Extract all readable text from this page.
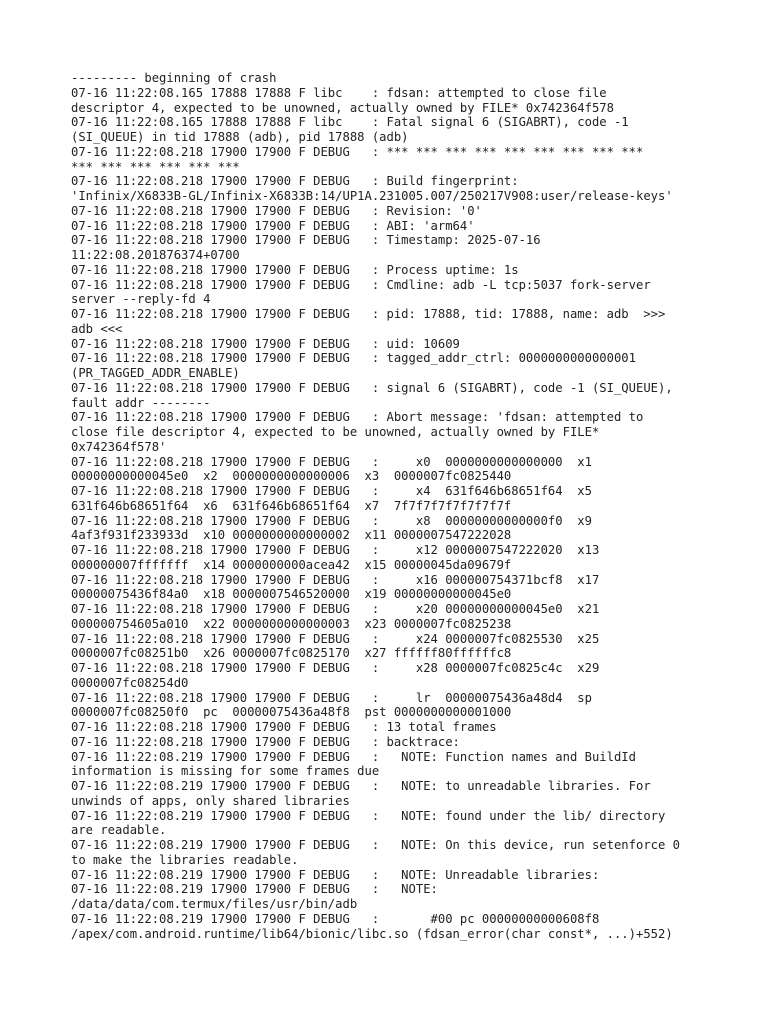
--------- beginning of crash
07-16 11:22:08.165 17888 17888 F libc    : fdsan: attempted to close file
descriptor 4, expected to be unowned, actually owned by FILE* 0x742364f578
07-16 11:22:08.165 17888 17888 F libc    : Fatal signal 6 (SIGABRT), code -1
(SI_QUEUE) in tid 17888 (adb), pid 17888 (adb)
07-16 11:22:08.218 17900 17900 F DEBUG   : *** *** *** *** *** *** *** *** ***
*** *** *** *** *** ***
07-16 11:22:08.218 17900 17900 F DEBUG   : Build fingerprint:
'Infinix/X6833B-GL/Infinix-X6833B:14/UP1A.231005.007/250217V908:user/release-keys'
07-16 11:22:08.218 17900 17900 F DEBUG   : Revision: '0'
07-16 11:22:08.218 17900 17900 F DEBUG   : ABI: 'arm64'
07-16 11:22:08.218 17900 17900 F DEBUG   : Timestamp: 2025-07-16
11:22:08.201876374+0700
07-16 11:22:08.218 17900 17900 F DEBUG   : Process uptime: 1s
07-16 11:22:08.218 17900 17900 F DEBUG   : Cmdline: adb -L tcp:5037 fork-server
server --reply-fd 4
07-16 11:22:08.218 17900 17900 F DEBUG   : pid: 17888, tid: 17888, name: adb  >>>
adb <<<
07-16 11:22:08.218 17900 17900 F DEBUG   : uid: 10609
07-16 11:22:08.218 17900 17900 F DEBUG   : tagged_addr_ctrl: 0000000000000001
(PR_TAGGED_ADDR_ENABLE)
07-16 11:22:08.218 17900 17900 F DEBUG   : signal 6 (SIGABRT), code -1 (SI_QUEUE),
fault addr --------
07-16 11:22:08.218 17900 17900 F DEBUG   : Abort message: 'fdsan: attempted to
close file descriptor 4, expected to be unowned, actually owned by FILE*
0x742364f578'
07-16 11:22:08.218 17900 17900 F DEBUG   :     x0  0000000000000000  x1
00000000000045e0  x2  0000000000000006  x3  0000007fc0825440
07-16 11:22:08.218 17900 17900 F DEBUG   :     x4  631f646b68651f64  x5
631f646b68651f64  x6  631f646b68651f64  x7  7f7f7f7f7f7f7f7f
07-16 11:22:08.218 17900 17900 F DEBUG   :     x8  00000000000000f0  x9
4af3f931f233933d  x10 0000000000000002  x11 0000007547222028
07-16 11:22:08.218 17900 17900 F DEBUG   :     x12 0000007547222020  x13
000000007fffffff  x14 0000000000acea42  x15 00000045da09679f
07-16 11:22:08.218 17900 17900 F DEBUG   :     x16 000000754371bcf8  x17
00000075436f84a0  x18 0000007546520000  x19 00000000000045e0
07-16 11:22:08.218 17900 17900 F DEBUG   :     x20 00000000000045e0  x21
000000754605a010  x22 0000000000000003  x23 0000007fc0825238
07-16 11:22:08.218 17900 17900 F DEBUG   :     x24 0000007fc0825530  x25
0000007fc08251b0  x26 0000007fc0825170  x27 ffffff80ffffffc8
07-16 11:22:08.218 17900 17900 F DEBUG   :     x28 0000007fc0825c4c  x29
0000007fc08254d0
07-16 11:22:08.218 17900 17900 F DEBUG   :     lr  00000075436a48d4  sp
0000007fc08250f0  pc  00000075436a48f8  pst 0000000000001000
07-16 11:22:08.218 17900 17900 F DEBUG   : 13 total frames
07-16 11:22:08.218 17900 17900 F DEBUG   : backtrace:
07-16 11:22:08.219 17900 17900 F DEBUG   :   NOTE: Function names and BuildId
information is missing for some frames due
07-16 11:22:08.219 17900 17900 F DEBUG   :   NOTE: to unreadable libraries. For
unwinds of apps, only shared libraries
07-16 11:22:08.219 17900 17900 F DEBUG   :   NOTE: found under the lib/ directory
are readable.
07-16 11:22:08.219 17900 17900 F DEBUG   :   NOTE: On this device, run setenforce 0
to make the libraries readable.
07-16 11:22:08.219 17900 17900 F DEBUG   :   NOTE: Unreadable libraries:
07-16 11:22:08.219 17900 17900 F DEBUG   :   NOTE:
/data/data/com.termux/files/usr/bin/adb
07-16 11:22:08.219 17900 17900 F DEBUG   :       #00 pc 00000000000608f8
/apex/com.android.runtime/lib64/bionic/libc.so (fdsan_error(char const*, ...)+552)
